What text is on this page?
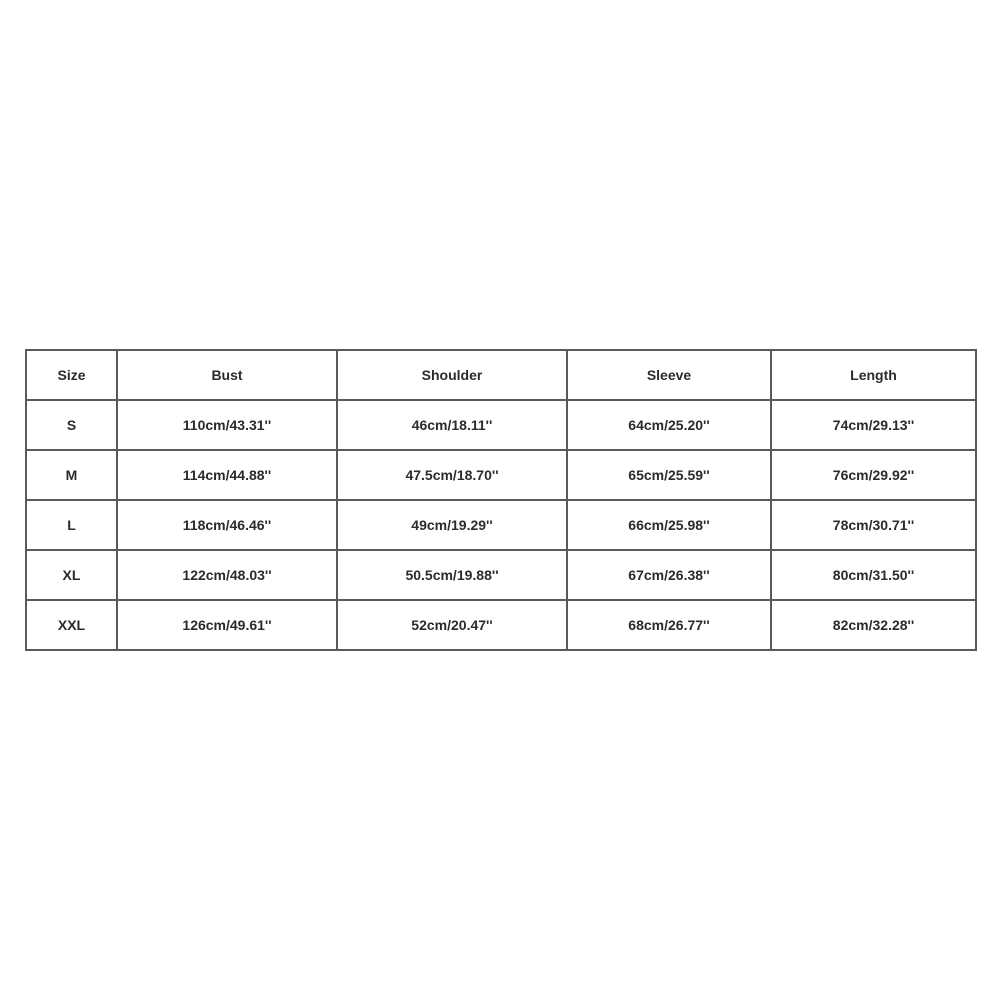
Size	Bust	Shoulder	Sleeve	Length
S	110cm/43.31''	46cm/18.11''	64cm/25.20''	74cm/29.13''
M	114cm/44.88''	47.5cm/18.70''	65cm/25.59''	76cm/29.92''
L	118cm/46.46''	49cm/19.29''	66cm/25.98''	78cm/30.71''
XL	122cm/48.03''	50.5cm/19.88''	67cm/26.38''	80cm/31.50''
XXL	126cm/49.61''	52cm/20.47''	68cm/26.77''	82cm/32.28''
